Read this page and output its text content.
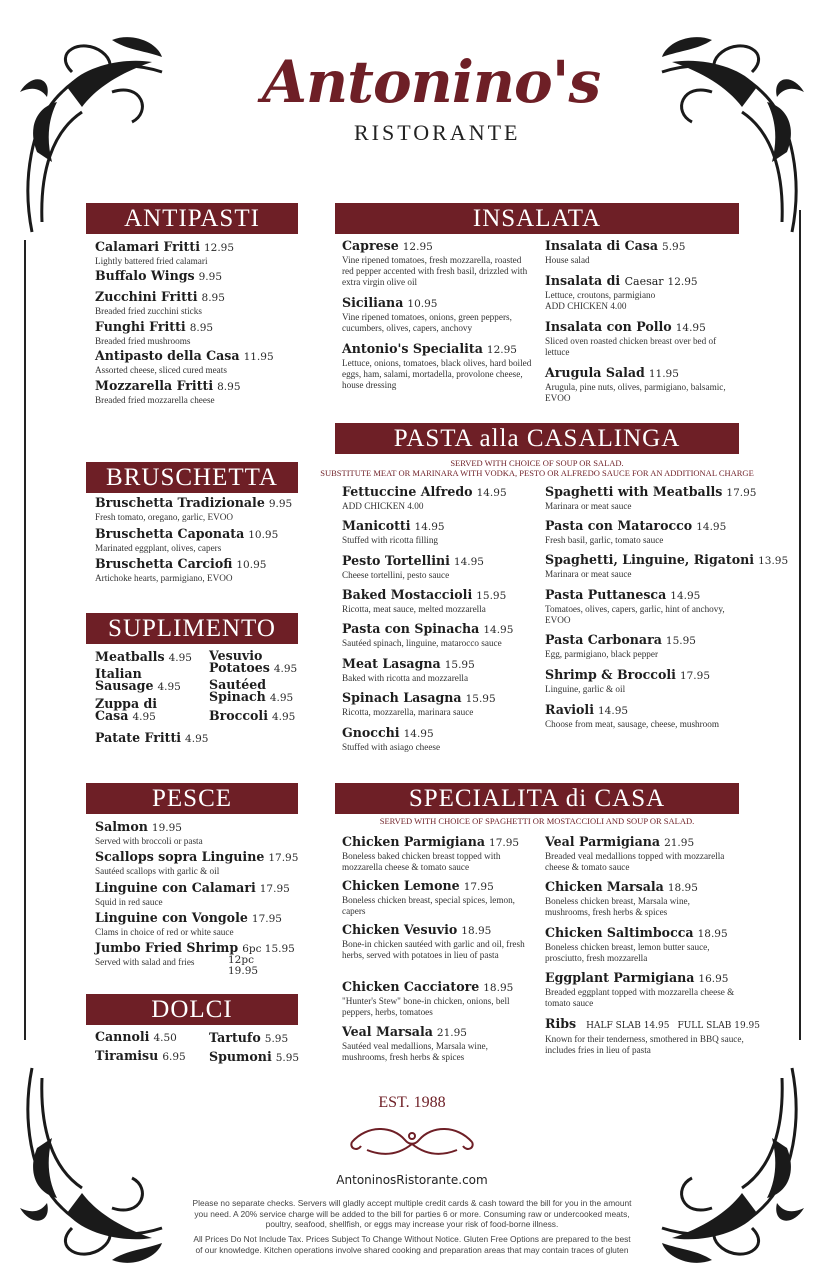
Antonino's
RISTORANTE
ANTIPASTI
Calamari Fritti 12.95
Lightly battered fried calamari
Buffalo Wings 9.95
Zucchini Fritti 8.95
Breaded fried zucchini sticks
Funghi Fritti 8.95
Breaded fried mushrooms
Antipasto della Casa 11.95
Assorted cheese, sliced cured meats
Mozzarella Fritti 8.95
Breaded fried mozzarella cheese
BRUSCHETTA
Bruschetta Tradizionale 9.95
Fresh tomato, oregano, garlic, EVOO
Bruschetta Caponata 10.95
Marinated eggplant, olives, capers
Bruschetta Carciofi 10.95
Artichoke hearts, parmigiano, EVOO
SUPLIMENTO
Meatballs 4.95
Italian Sausage 4.95
Zuppa di Casa 4.95
Patate Fritti 4.95
Vesuvio Potatoes 4.95
Sautéed Spinach 4.95
Broccoli 4.95
PESCE
Salmon 19.95
Served with broccoli or pasta
Scallops sopra Linguine 17.95
Sautéed scallops with garlic & oil
Linguine con Calamari 17.95
Squid in red sauce
Linguine con Vongole 17.95
Clams in choice of red or white sauce
Jumbo Fried Shrimp 6pc 15.95
Served with salad and fries	12pc 19.95
DOLCI
Cannoli 4.50
Tiramisu 6.95
Tartufo 5.95
Spumoni 5.95
INSALATA
Caprese 12.95
Vine ripened tomatoes, fresh mozzarella, roasted red pepper accented with fresh basil, drizzled with extra virgin olive oil
Siciliana 10.95
Vine ripened tomatoes, onions, green peppers, cucumbers, olives, capers, anchovy
Antonio's Specialita 12.95
Lettuce, onions, tomatoes, black olives, hard boiled eggs, ham, salami, mortadella, provolone cheese, house dressing
Insalata di Casa 5.95
House salad
Insalata di Caesar 12.95
Lettuce, croutons, parmigiano
ADD CHICKEN 4.00
Insalata con Pollo 14.95
Sliced oven roasted chicken breast over bed of lettuce
Arugula Salad 11.95
Arugula, pine nuts, olives, parmigiano, balsamic, EVOO
PASTA alla CASALINGA
SERVED WITH CHOICE OF SOUP OR SALAD.
SUBSTITUTE MEAT OR MARINARA WITH VODKA, PESTO OR ALFREDO SAUCE FOR AN ADDITIONAL CHARGE
Fettuccine Alfredo 14.95
ADD CHICKEN 4.00
Manicotti 14.95
Stuffed with ricotta filling
Pesto Tortellini 14.95
Cheese tortellini, pesto sauce
Baked Mostaccioli 15.95
Ricotta, meat sauce, melted mozzarella
Pasta con Spinacha 14.95
Sautéed spinach, linguine, matarocco sauce
Meat Lasagna 15.95
Baked with ricotta and mozzarella
Spinach Lasagna 15.95
Ricotta, mozzarella, marinara sauce
Gnocchi 14.95
Stuffed with asiago cheese
Spaghetti with Meatballs 17.95
Marinara or meat sauce
Pasta con Matarocco 14.95
Fresh basil, garlic, tomato sauce
Spaghetti, Linguine, Rigatoni 13.95
Marinara or meat sauce
Pasta Puttanesca 14.95
Tomatoes, olives, capers, garlic, hint of anchovy, EVOO
Pasta Carbonara 15.95
Egg, parmigiano, black pepper
Shrimp & Broccoli 17.95
Linguine, garlic & oil
Ravioli 14.95
Choose from meat, sausage, cheese, mushroom
SPECIALITA di CASA
SERVED WITH CHOICE OF SPAGHETTI OR MOSTACCIOLI AND SOUP OR SALAD.
Chicken Parmigiana 17.95
Boneless baked chicken breast topped with mozzarella cheese & tomato sauce
Chicken Lemone 17.95
Boneless chicken breast, special spices, lemon, capers
Chicken Vesuvio 18.95
Bone-in chicken sautéed with garlic and oil, fresh herbs, served with potatoes in lieu of pasta
Chicken Cacciatore 18.95
"Hunter's Stew" bone-in chicken, onions, bell peppers, herbs, tomatoes
Veal Marsala 21.95
Sautéed veal medallions, Marsala wine, mushrooms, fresh herbs & spices
Veal Parmigiana 21.95
Breaded veal medallions topped with mozzarella cheese & tomato sauce
Chicken Marsala 18.95
Boneless chicken breast, Marsala wine, mushrooms, fresh herbs & spices
Chicken Saltimbocca 18.95
Boneless chicken breast, lemon butter sauce, prosciutto, fresh mozzarella
Eggplant Parmigiana 16.95
Breaded eggplant topped with mozzarella cheese & tomato sauce
Ribs HALF SLAB 14.95 FULL SLAB 19.95
Known for their tenderness, smothered in BBQ sauce, includes fries in lieu of pasta
EST. 1988
AntoninosRistorante.com
Please no separate checks. Servers will gladly accept multiple credit cards & cash toward the bill for you in the amount you need. A 20% service charge will be added to the bill for parties 6 or more. Consuming raw or undercooked meats, poultry, seafood, shellfish, or eggs may increase your risk of food-borne illness.
All Prices Do Not Include Tax. Prices Subject To Change Without Notice. Gluten Free Options are prepared to the best of our knowledge. Kitchen operations involve shared cooking and preparation areas that may contain traces of gluten
